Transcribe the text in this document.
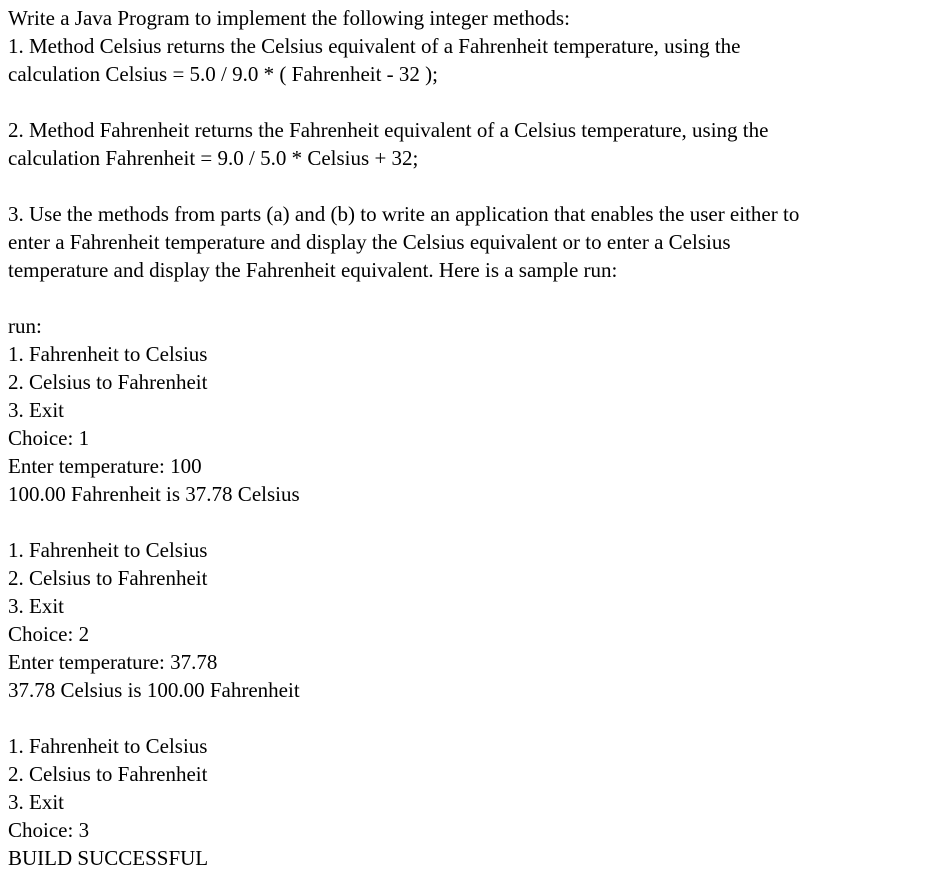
Write a Java Program to implement the following integer methods:
1. Method Celsius returns the Celsius equivalent of a Fahrenheit temperature, using the
calculation Celsius = 5.0 / 9.0 * ( Fahrenheit - 32 );
2. Method Fahrenheit returns the Fahrenheit equivalent of a Celsius temperature, using the
calculation Fahrenheit = 9.0 / 5.0 * Celsius + 32;
3. Use the methods from parts (a) and (b) to write an application that enables the user either to
enter a Fahrenheit temperature and display the Celsius equivalent or to enter a Celsius
temperature and display the Fahrenheit equivalent. Here is a sample run:
run:
1. Fahrenheit to Celsius
2. Celsius to Fahrenheit
3. Exit
Choice: 1
Enter temperature: 100
100.00 Fahrenheit is 37.78 Celsius
1. Fahrenheit to Celsius
2. Celsius to Fahrenheit
3. Exit
Choice: 2
Enter temperature: 37.78
37.78 Celsius is 100.00 Fahrenheit
1. Fahrenheit to Celsius
2. Celsius to Fahrenheit
3. Exit
Choice: 3
BUILD SUCCESSFUL
